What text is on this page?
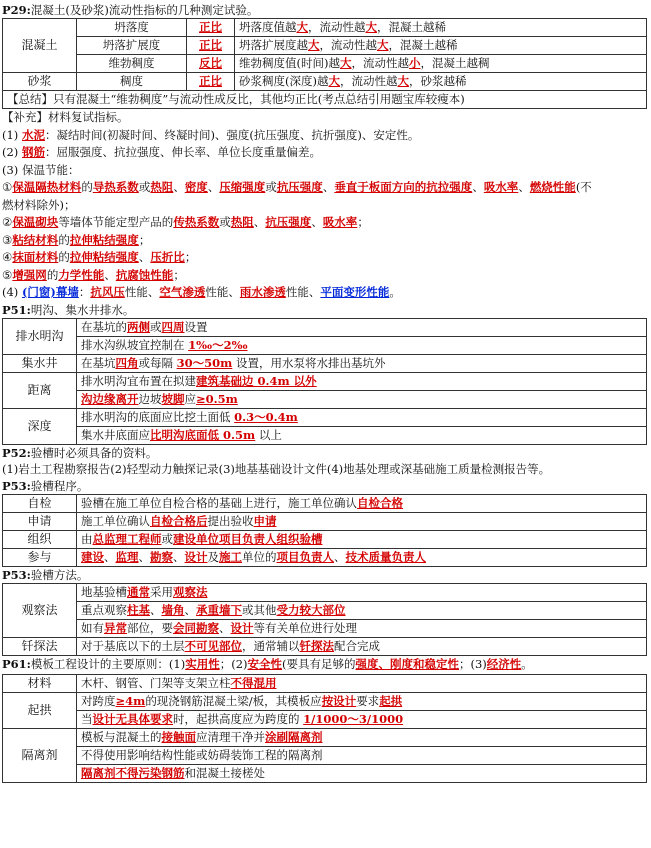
P29:混凝土(及砂浆)流动性指标的几种测定试验。
混凝土	坍落度	正比	坍落度值越大，流动性越大，混凝土越稀
	坍落扩展度	正比	坍落扩展度越大，流动性越大，混凝土越稀
	维勃稠度	反比	维勃稠度值(时间)越大，流动性越小，混凝土越稠
砂浆	稠度	正比	砂浆稠度(深度)越大，流动性越大，砂浆越稀
【总结】只有混凝土“维勃稠度”与流动性成反比，其他均正比(考点总结引用题宝库较瘦本)			
【补充】材料复试指标。
(1) 水泥：凝结时间(初凝时间、终凝时间)、强度(抗压强度、抗折强度)、安定性。
(2) 钢筋：屈服强度、抗拉强度、伸长率、单位长度重量偏差。
(3) 保温节能：
①保温隔热材料的导热系数或热阻、密度、压缩强度或抗压强度、垂直于板面方向的抗拉强度、吸水率、燃烧性能(不
燃材料除外)；
②保温砌块等墙体节能定型产品的传热系数或热阻、抗压强度、吸水率；
③粘结材料的拉伸粘结强度；
④抹面材料的拉伸粘结强度、压折比；
⑤增强网的力学性能、抗腐蚀性能；
(4) (门窗)幕墙：抗风压性能、空气渗透性能、雨水渗透性能、平面变形性能。
P51:明沟、集水井排水。
排水明沟	在基坑的两侧或四周设置
	排水沟纵坡宜控制在 1‰～2‰
集水井	在基坑四角或每隔 30～50m 设置，用水泵将水排出基坑外
距离	排水明沟宜布置在拟建建筑基础边 0.4m 以外
	沟边缘离开边坡坡脚应≥0.5m
深度	排水明沟的底面应比挖土面低 0.3～0.4m
	集水井底面应比明沟底面低 0.5m 以上
P52:验槽时必须具备的资料。
(1)岩土工程勘察报告(2)轻型动力触探记录(3)地基基础设计文件(4)地基处理或深基础施工质量检测报告等。
P53:验槽程序。
自检	验槽在施工单位自检合格的基础上进行，施工单位确认自检合格
申请	施工单位确认自检合格后提出验收申请
组织	由总监理工程师或建设单位项目负责人组织验槽
参与	建设、监理、勘察、设计及施工单位的项目负责人、技术质量负责人
P53:验槽方法。
观察法	地基验槽通常采用观察法
	重点观察柱基、墙角、承重墙下或其他受力较大部位
	如有异常部位，要会同勘察、设计等有关单位进行处理
钎探法	对于基底以下的土层不可见部位，通常辅以钎探法配合完成
P61:模板工程设计的主要原则：(1)实用性；(2)安全性(要具有足够的强度、刚度和稳定性；(3)经济性。
材料	木杆、钢管、门架等支架立柱不得混用
起拱	对跨度≥4m的现浇钢筋混凝土梁/板，其模板应按设计要求起拱
	当设计无具体要求时，起拱高度应为跨度的 1/1000～3/1000
隔离剂	模板与混凝土的接触面应清理干净并涂刷隔离剂
	不得使用影响结构性能或妨碍装饰工程的隔离剂
	隔离剂不得污染钢筋和混凝土接槎处
